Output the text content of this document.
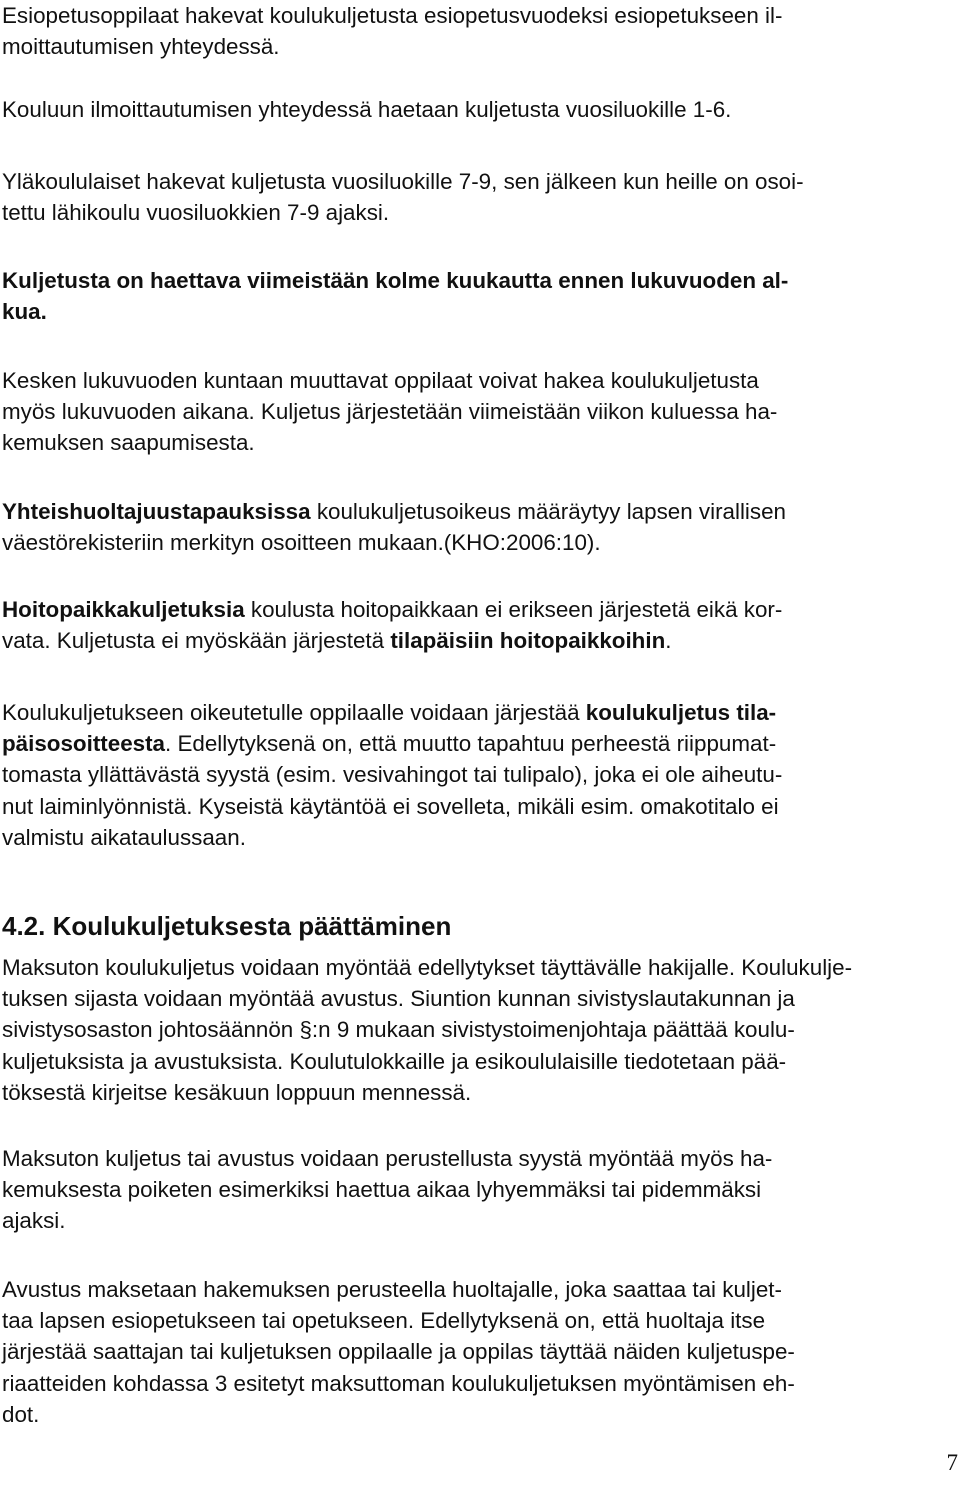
Esiopetusoppilaat hakevat koulukuljetusta esiopetusvuodeksi esiopetukseen il-
moittautumisen yhteydessä.

Kouluun ilmoittautumisen yhteydessä haetaan kuljetusta vuosiluokille 1-6.

Yläkoululaiset hakevat kuljetusta vuosiluokille 7-9, sen jälkeen kun heille on osoi-
tettu lähikoulu vuosiluokkien 7-9 ajaksi.

Kuljetusta on haettava viimeistään kolme kuukautta ennen lukuvuoden al-
kua.

Kesken lukuvuoden kuntaan muuttavat oppilaat voivat hakea koulukuljetusta
myös lukuvuoden aikana. Kuljetus järjestetään viimeistään viikon kuluessa ha-
kemuksen saapumisesta.

Yhteishuoltajuustapauksissa koulukuljetusoikeus määräytyy lapsen virallisen
väestörekisteriin merkityn osoitteen mukaan.(KHO:2006:10).

Hoitopaikkakuljetuksia koulusta hoitopaikkaan ei erikseen järjestetä eikä kor-
vata. Kuljetusta ei myöskään järjestetä tilapäisiin hoitopaikkoihin.

Koulukuljetukseen oikeutetulle oppilaalle voidaan järjestää koulukuljetus tila-
päisosoitteesta. Edellytyksenä on, että muutto tapahtuu perheestä riippumat-
tomasta yllättävästä syystä (esim. vesivahingot tai tulipalo), joka ei ole aiheutu-
nut laiminlyönnistä. Kyseistä käytäntöä ei sovelleta, mikäli esim. omakotitalo ei
valmistu aikataulussaan.

4.2. Koulukuljetuksesta päättäminen

Maksuton koulukuljetus voidaan myöntää edellytykset täyttävälle hakijalle. Koulukulje-
tuksen sijasta voidaan myöntää avustus. Siuntion kunnan sivistyslautakunnan ja
sivistysosaston johtosäännön §:n 9 mukaan sivistystoimenjohtaja päättää koulu-
kuljetuksista ja avustuksista. Koulutulokkaille ja esikoululaisille tiedotetaan pää-
töksestä kirjeitse kesäkuun loppuun mennessä.

Maksuton kuljetus tai avustus voidaan perustellusta syystä myöntää myös ha-
kemuksesta poiketen esimerkiksi haettua aikaa lyhyemmäksi tai pidemmäksi
ajaksi.

Avustus maksetaan hakemuksen perusteella huoltajalle, joka saattaa tai kuljet-
taa lapsen esiopetukseen tai opetukseen. Edellytyksenä on, että huoltaja itse
järjestää saattajan tai kuljetuksen oppilaalle ja oppilas täyttää näiden kuljetuspe-
riaatteiden kohdassa 3 esitetyt maksuttoman koulukuljetuksen myöntämisen eh-
dot.

7
